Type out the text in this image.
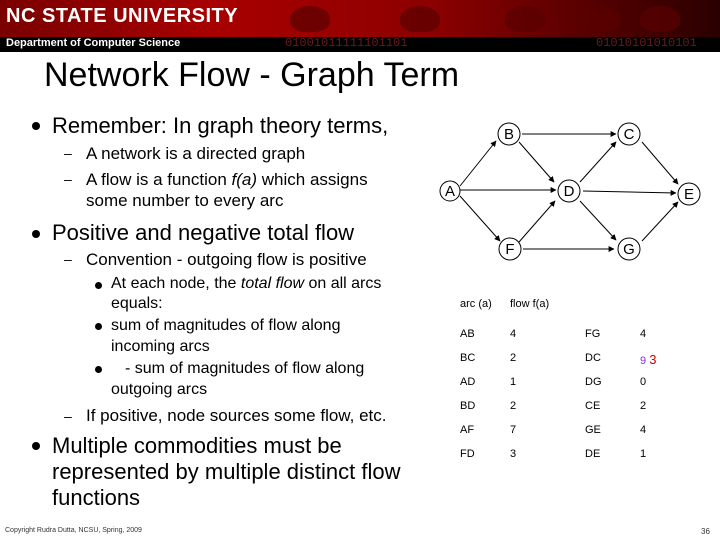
NC STATE UNIVERSITY
Department of Computer Science	01001011111101101	01010101010101
Network Flow - Graph Term
Remember: In graph theory terms,
– A network is a directed graph
– A flow is a function f(a) which assigns
some number to every arc
Positive and negative total flow
– Convention - outgoing flow is positive
At each node, the total flow on all arcs
equals:
sum of magnitudes of flow along
incoming arcs
- sum of magnitudes of flow along
outgoing arcs
– If positive, node sources some flow, etc.
Multiple commodities must be
represented by multiple distinct flow
functions
A
B	C
D	E
F	G
arc (a)	flow f(a)		
AB	4	FG	4
BC	2	DC	9 3
AD	1	DG	0
BD	2	CE	2
AF	7	GE	4
FD	3	DE	1
Copyright Rudra Dutta, NCSU, Spring, 2009	36
